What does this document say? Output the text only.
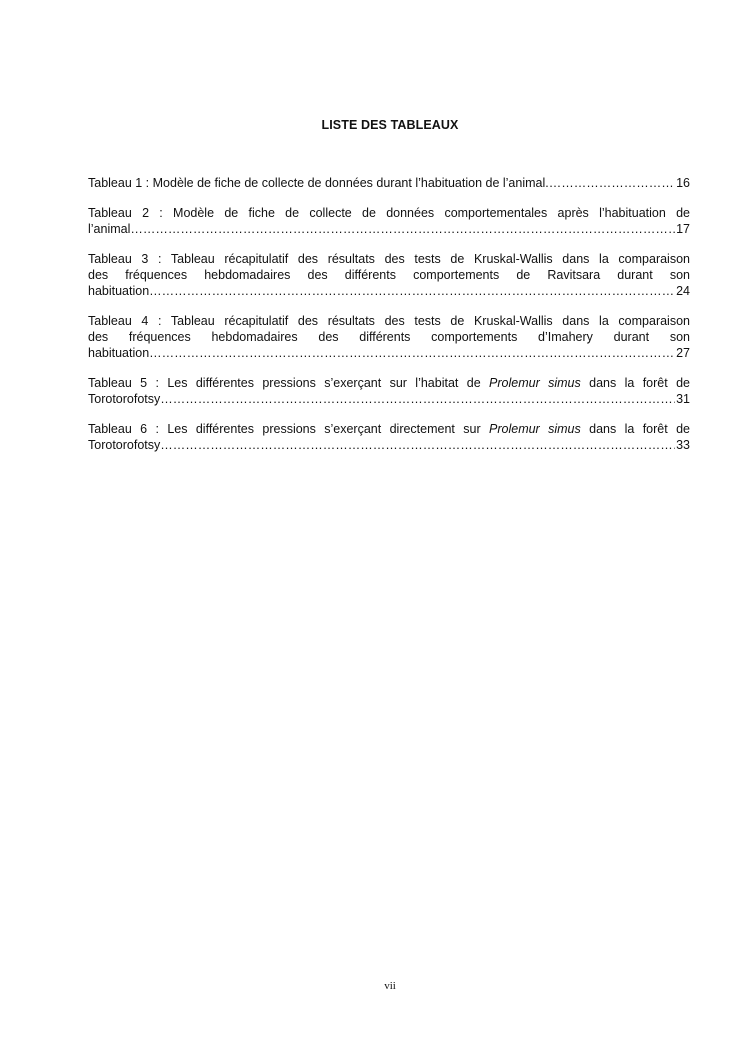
LISTE DES TABLEAUX
Tableau 1 : Modèle de fiche de collecte de données durant l’habituation de l’animal. ………………………………………………………………………………………………………………………………………………………………………………………………	16

Tableau 2 : Modèle de fiche de collecte de données comportementales après l’habituation de

l’animal ………………………………………………………………………………………………………………………………………………………………………………………………	17

Tableau 3 : Tableau récapitulatif des résultats des tests de Kruskal-Wallis dans la comparaison

des fréquences hebdomadaires des différents comportements de Ravitsara durant son

habituation ………………………………………………………………………………………………………………………………………………………………………………………………	24

Tableau 4 : Tableau récapitulatif des résultats des tests de Kruskal-Wallis dans la comparaison

des fréquences hebdomadaires des différents comportements d’Imahery durant son

habituation ………………………………………………………………………………………………………………………………………………………………………………………………	27

Tableau 5 : Les différentes pressions s’exerçant sur l’habitat de Prolemur simus dans la forêt de

Torotorofotsy ………………………………………………………………………………………………………………………………………………………………………………………………	31

Tableau 6 : Les différentes pressions s’exerçant directement sur Prolemur simus dans la forêt de

Torotorofotsy ………………………………………………………………………………………………………………………………………………………………………………………………	33
vii
